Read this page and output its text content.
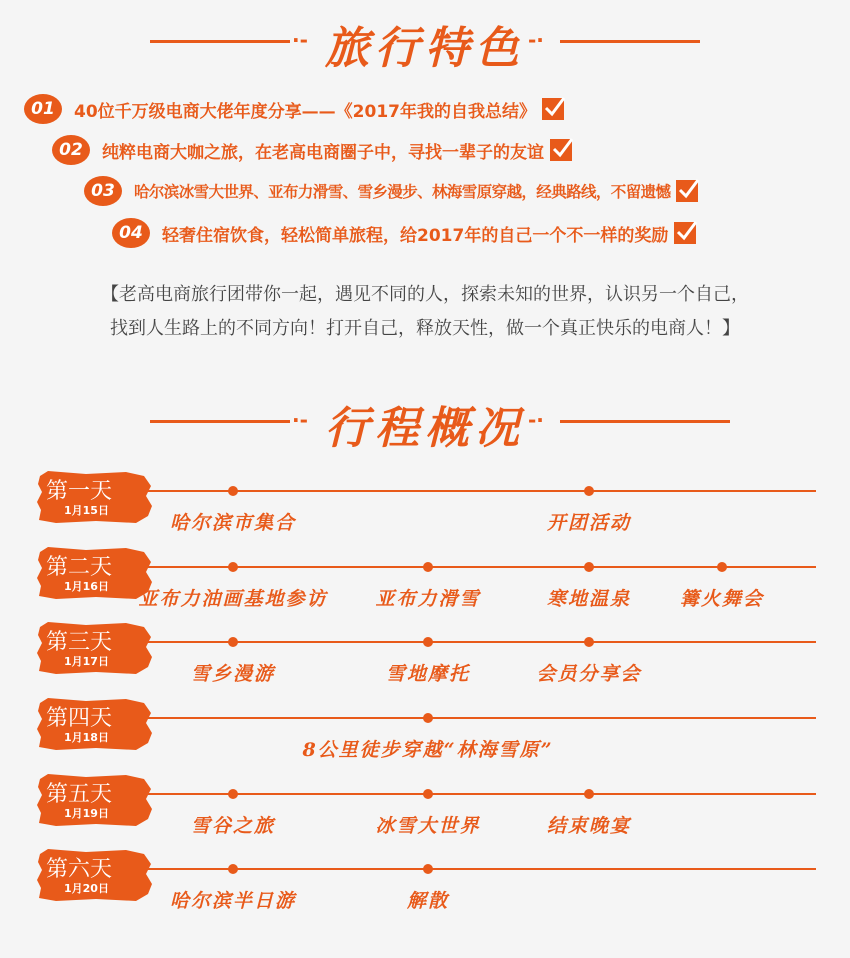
·- 旅行特色 -·
01	40位千万级电商大佬年度分享——《2017年我的自我总结》
02	纯粹电商大咖之旅，在老高电商圈子中，寻找一辈子的友谊
03	哈尔滨冰雪大世界、亚布力滑雪、雪乡漫步、林海雪原穿越，经典路线，不留遗憾
04	轻奢住宿饮食，轻松简单旅程，给2017年的自己一个不一样的奖励
【老高电商旅行团带你一起，遇见不同的人，探索未知的世界，认识另一个自己，
找到人生路上的不同方向！打开自己，释放天性，做一个真正快乐的电商人！】
·- 行程概况 -·
第一天
1月15日
哈尔滨市集合	开团活动
第二天
1月16日
亚布力油画基地参访	亚布力滑雪	寒地温泉	篝火舞会
第三天
1月17日
雪乡漫游	雪地摩托	会员分享会
第四天
1月18日
8公里徒步穿越“林海雪原”
第五天
1月19日
雪谷之旅	冰雪大世界	结束晚宴
第六天
1月20日
哈尔滨半日游	解散
